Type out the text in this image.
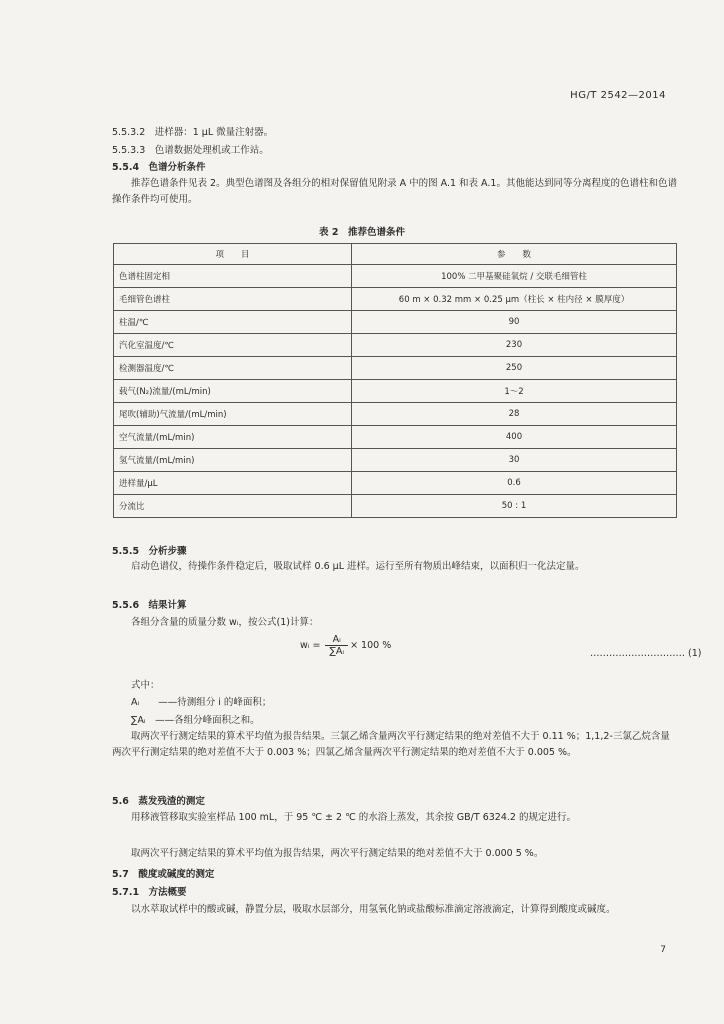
HG/T 2542—2014
5.5.3.2　进样器：1 μL 微量注射器。
5.5.3.3　色谱数据处理机或工作站。
5.5.4　色谱分析条件
推荐色谱条件见表 2。典型色谱图及各组分的相对保留值见附录 A 中的图 A.1 和表 A.1。其他能达到同等分离程度的色谱柱和色谱操作条件均可使用。
表 2　推荐色谱条件
项　　目	参　　数
色谱柱固定相	100% 二甲基聚硅氧烷 / 交联毛细管柱
毛细管色谱柱	60 m × 0.32 mm × 0.25 μm（柱长 × 柱内径 × 膜厚度）
柱温/℃	90
汽化室温度/℃	230
检测器温度/℃	250
载气(N₂)流量/(mL/min)	1～2
尾吹(辅助)气流量/(mL/min)	28
空气流量/(mL/min)	400
氢气流量/(mL/min)	30
进样量/μL	0.6
分流比	50 : 1
5.5.5　分析步骤
启动色谱仪，待操作条件稳定后，吸取试样 0.6 μL 进样。运行至所有物质出峰结束，以面积归一化法定量。
5.5.6　结果计算
各组分含量的质量分数 wᵢ，按公式(1)计算：
wᵢ = $\frac{\text{Aᵢ}}{\text{∑Aᵢ}} \times 100$ %
………………………… (1)
式中：
Aᵢ　　——待测组分 i 的峰面积；
∑Aᵢ　——各组分峰面积之和。
取两次平行测定结果的算术平均值为报告结果。三氯乙烯含量两次平行测定结果的绝对差值不大于 0.11 %；1,1,2-三氯乙烷含量两次平行测定结果的绝对差值不大于 0.003 %；四氯乙烯含量两次平行测定结果的绝对差值不大于 0.005 %。
5.6　蒸发残渣的测定
用移液管移取实验室样品 100 mL，于 95 ℃ ± 2 ℃ 的水浴上蒸发，其余按 GB/T 6324.2 的规定进行。
取两次平行测定结果的算术平均值为报告结果，两次平行测定结果的绝对差值不大于 0.000 5 %。
5.7　酸度或碱度的测定
5.7.1　方法概要
以水萃取试样中的酸或碱，静置分层，吸取水层部分，用氢氧化钠或盐酸标准滴定溶液滴定，计算得到酸度或碱度。
7
